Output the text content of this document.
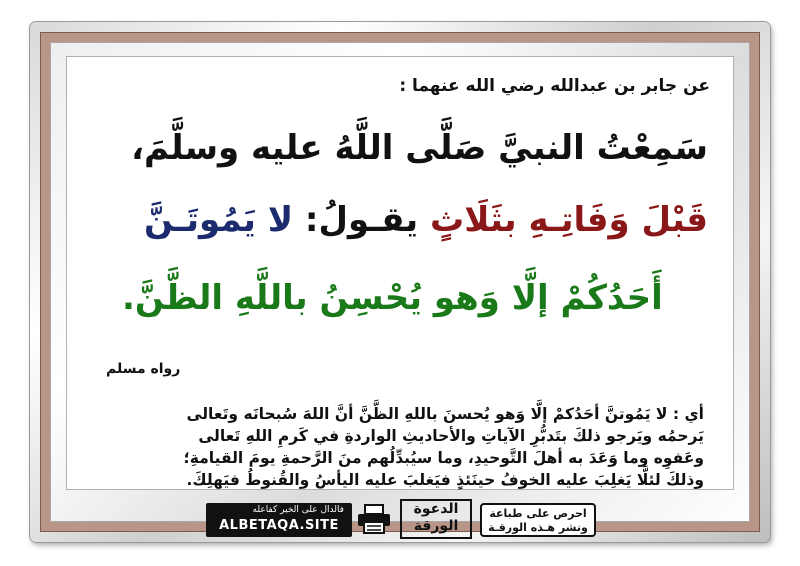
عن جابر بن عبدالله رضي الله عنهما :
سَمِعْتُ النبيَّ صَلَّى اللَّهُ عليه وسلَّمَ،
قَبْلَ وَفَاتِـهِ بثَلَاثٍ يقـولُ: لا يَمُوتَـنَّ
أَحَدُكُمْ إلَّا وَهو يُحْسِنُ باللَّهِ الظَّنَّ.
رواه مسلم
أي : لا يَمُوتنَّ أحَدُكمْ إلَّا وَهو يُحسنَ باللهِ الظَّنَّ أنَّ اللهَ سُبحانَه وتَعالى
يَرحمُه ويَرجو ذلكَ بتَدبُّرِ الآياتِ والأحاديثِ الواردةِ في كَرمِ اللهِ تَعالى
وعَفوِه وما وَعَدَ به أهلَ التَّوحيدِ، وما سيُبدِّلُهم منَ الرَّحمةِ يومَ القيامةِ؛
وذلكَ لئلَّا يَغلِبَ عليه الخوفُ حينَئذٍ فيَغلبَ عليه اليأسُ والقُنوطُ فيَهلِكَ.
فالدال على الخير كفاعله
ALBETAQA.SITE
الدعوة
الورقة
احرص على طباعة
ونشر هـذه الورقـة
